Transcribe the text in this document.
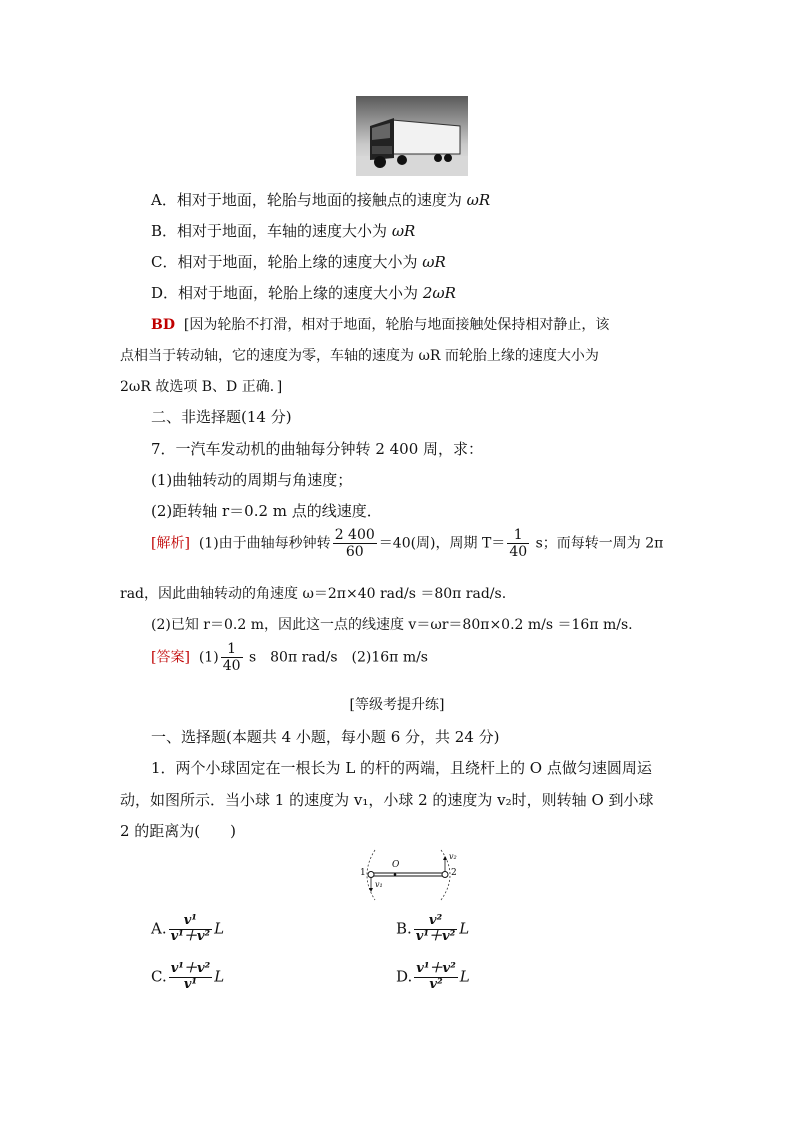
A．相对于地面，轮胎与地面的接触点的速度为 ωR
B．相对于地面，车轴的速度大小为 ωR
C．相对于地面，轮胎上缘的速度大小为 ωR
D．相对于地面，轮胎上缘的速度大小为 2ωR
BD [因为轮胎不打滑，相对于地面，轮胎与地面接触处保持相对静止，该
点相当于转动轴，它的速度为零，车轴的速度为 ωR 而轮胎上缘的速度大小为
2ωR 故选项 B、D 正确．]
二、非选择题(14 分)
7．一汽车发动机的曲轴每分钟转 2 400 周，求：
(1)曲轴转动的周期与角速度；
(2)距转轴 r＝0.2 m 点的线速度．
[解析] (1)由于曲轴每秒钟转 $\frac{2 400}{60} =40$(周)，周期 $T= \frac{1}{40}$ s；而每转一周为 2π
rad，因此曲轴转动的角速度 ω＝2π×40 rad/s ＝80π rad/s.
(2)已知 r＝0.2 m，因此这一点的线速度 v＝ωr＝80π×0.2 m/s ＝16π m/s.
[答案] $(1) \frac{1}{40}$ s　80π rad/s　(2)16π m/s
[等级考提升练]
一、选择题(本题共 4 小题，每小题 6 分，共 24 分)
1．两个小球固定在一根长为 L 的杆的两端，且绕杆上的 O 点做匀速圆周运
动，如图所示．当小球 1 的速度为 v₁，小球 2 的速度为 v₂时，则转轴 O 到小球
2 的距离为(　　)
1	2
O
v₁
v₂
A. $\frac{\text{v¹}}{\text{v¹＋v²}}$ L	B. $\frac{\text{v²}}{\text{v¹＋v²}}$ L
C. $\frac{\text{v¹＋v²}}{\text{v¹}}$ L	D. $\frac{\text{v¹＋v²}}{\text{v²}}$ L
